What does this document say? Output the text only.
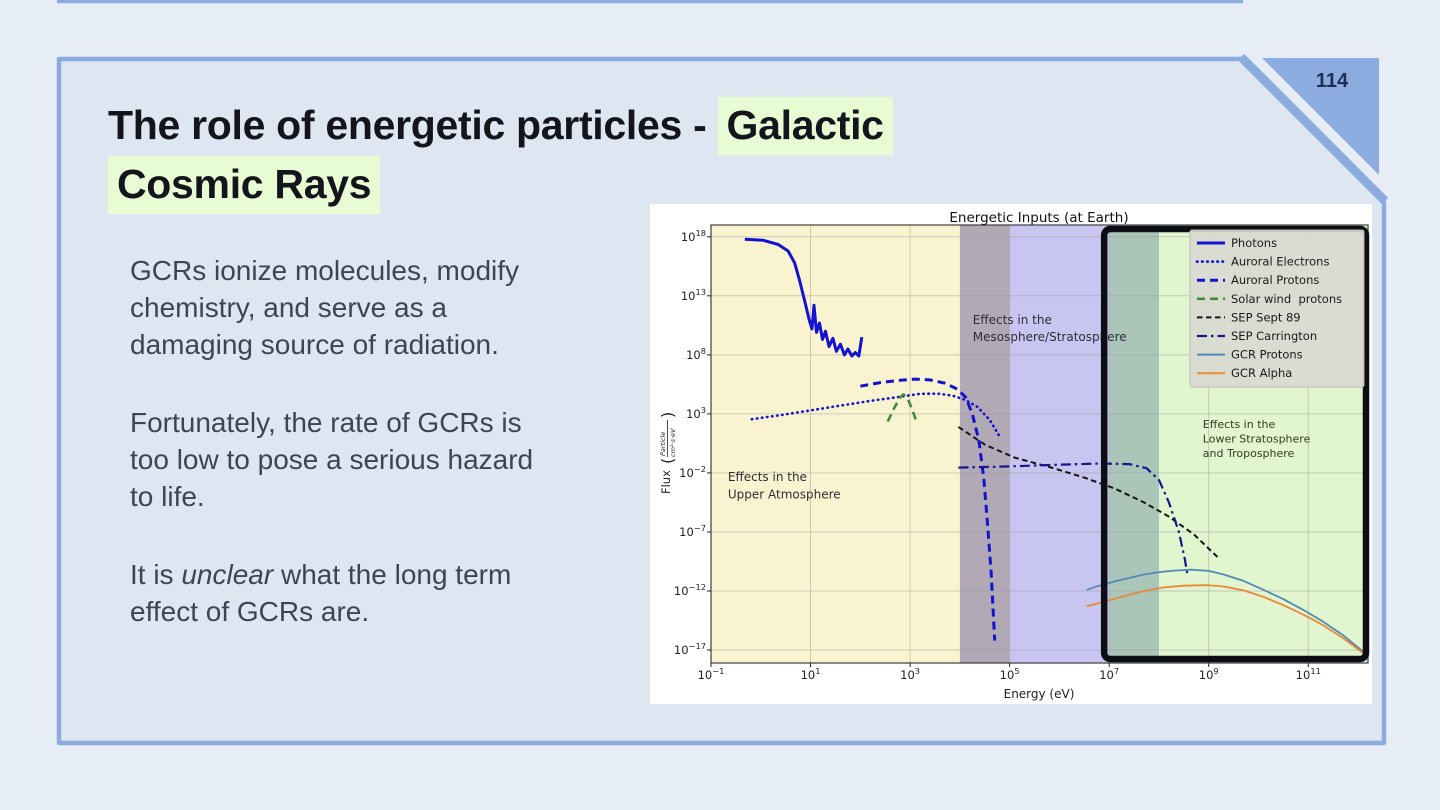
114
The role of energetic particles - Galactic
Cosmic Rays

GCRs ionize molecules, modify
chemistry, and serve as a
damaging source of radiation.

Fortunately, the rate of GCRs is
too low to pose a serious hazard
to life.

It is unclear what the long term
effect of GCRs are.

Effects in the
Upper Atmosphere
Effects in the
Mesosphere/Stratosphere
Effects in the
Lower Stratosphere
and Troposphere
Photons
Auroral Electrons
Auroral Protons
Solar wind  protons
SEP Sept 89
SEP Carrington
GCR Protons
GCR Alpha
Energetic Inputs (at Earth)
$10^{-1}$	$10^1$	$10^3$	$10^5$	$10^7$	$10^9$	$10^{11}$
$10^{18}$
$10^{13}$
$10^8$
$10^3$
$10^{-2}$
$10^{-7}$
$10^{-12}$
$10^{-17}$
Energy (eV)
Flux
(
Particle cm²·s·eV
)
